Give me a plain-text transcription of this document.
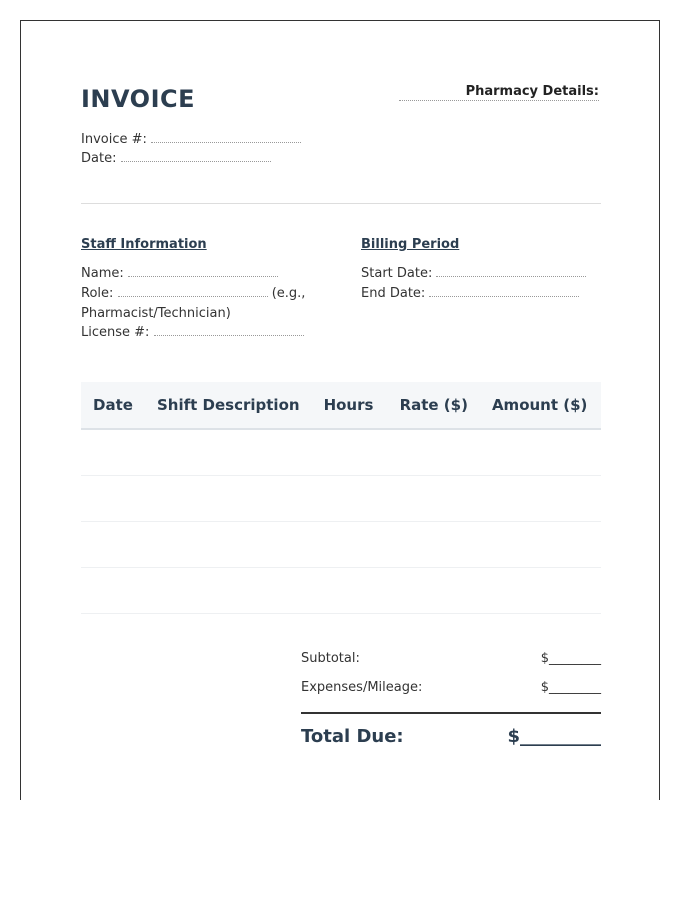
INVOICE	Pharmacy Details:
Invoice #:
Date:
Staff Information
Name:
Role:	(e.g.,
Pharmacist/Technician)
License #:
Billing Period
Start Date:
End Date:
Date	Shift Description	Hours	Rate ($)	Amount ($)

Subtotal:	$________
Expenses/Mileage:	$________
Total Due:	$_________
